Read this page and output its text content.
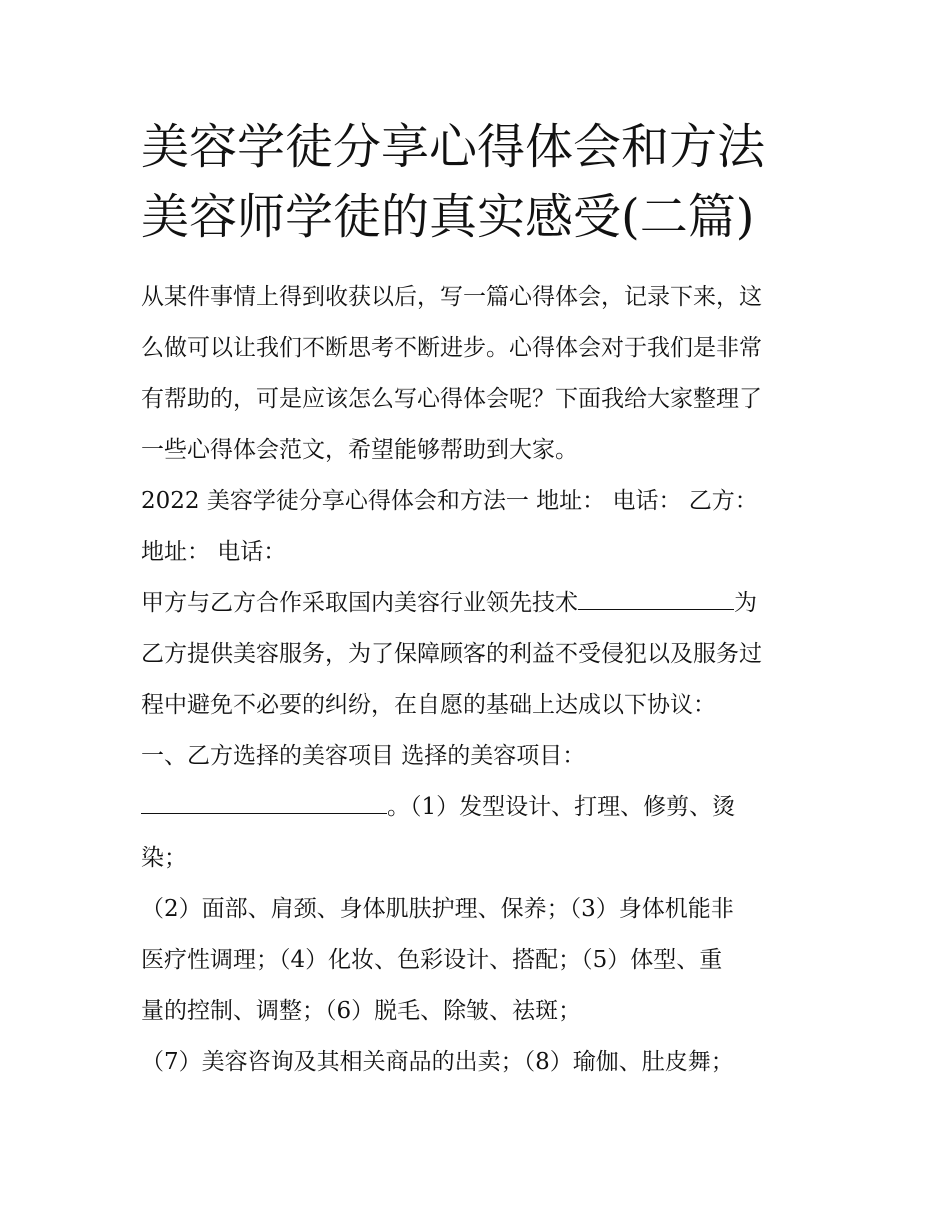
美容学徒分享心得体会和方法
美容师学徒的真实感受(二篇)

从某件事情上得到收获以后，写一篇心得体会，记录下来，这
么做可以让我们不断思考不断进步。心得体会对于我们是非常
有帮助的，可是应该怎么写心得体会呢？下面我给大家整理了
一些心得体会范文，希望能够帮助到大家。

2022 美容学徒分享心得体会和方法一 地址： 电话： 乙方：
地址： 电话：

甲方与乙方合作采取国内美容行业领先技术	为
乙方提供美容服务，为了保障顾客的利益不受侵犯以及服务过
程中避免不必要的纠纷，在自愿的基础上达成以下协议：

一、乙方选择的美容项目 选择的美容项目：
。（1）发型设计、打理、修剪、烫
染；
（2）面部、肩颈、身体肌肤护理、保养；（3）身体机能非
医疗性调理；（4）化妆、色彩设计、搭配；（5）体型、重
量的控制、调整；（6）脱毛、除皱、祛斑；
（7）美容咨询及其相关商品的出卖；（8）瑜伽、肚皮舞；
